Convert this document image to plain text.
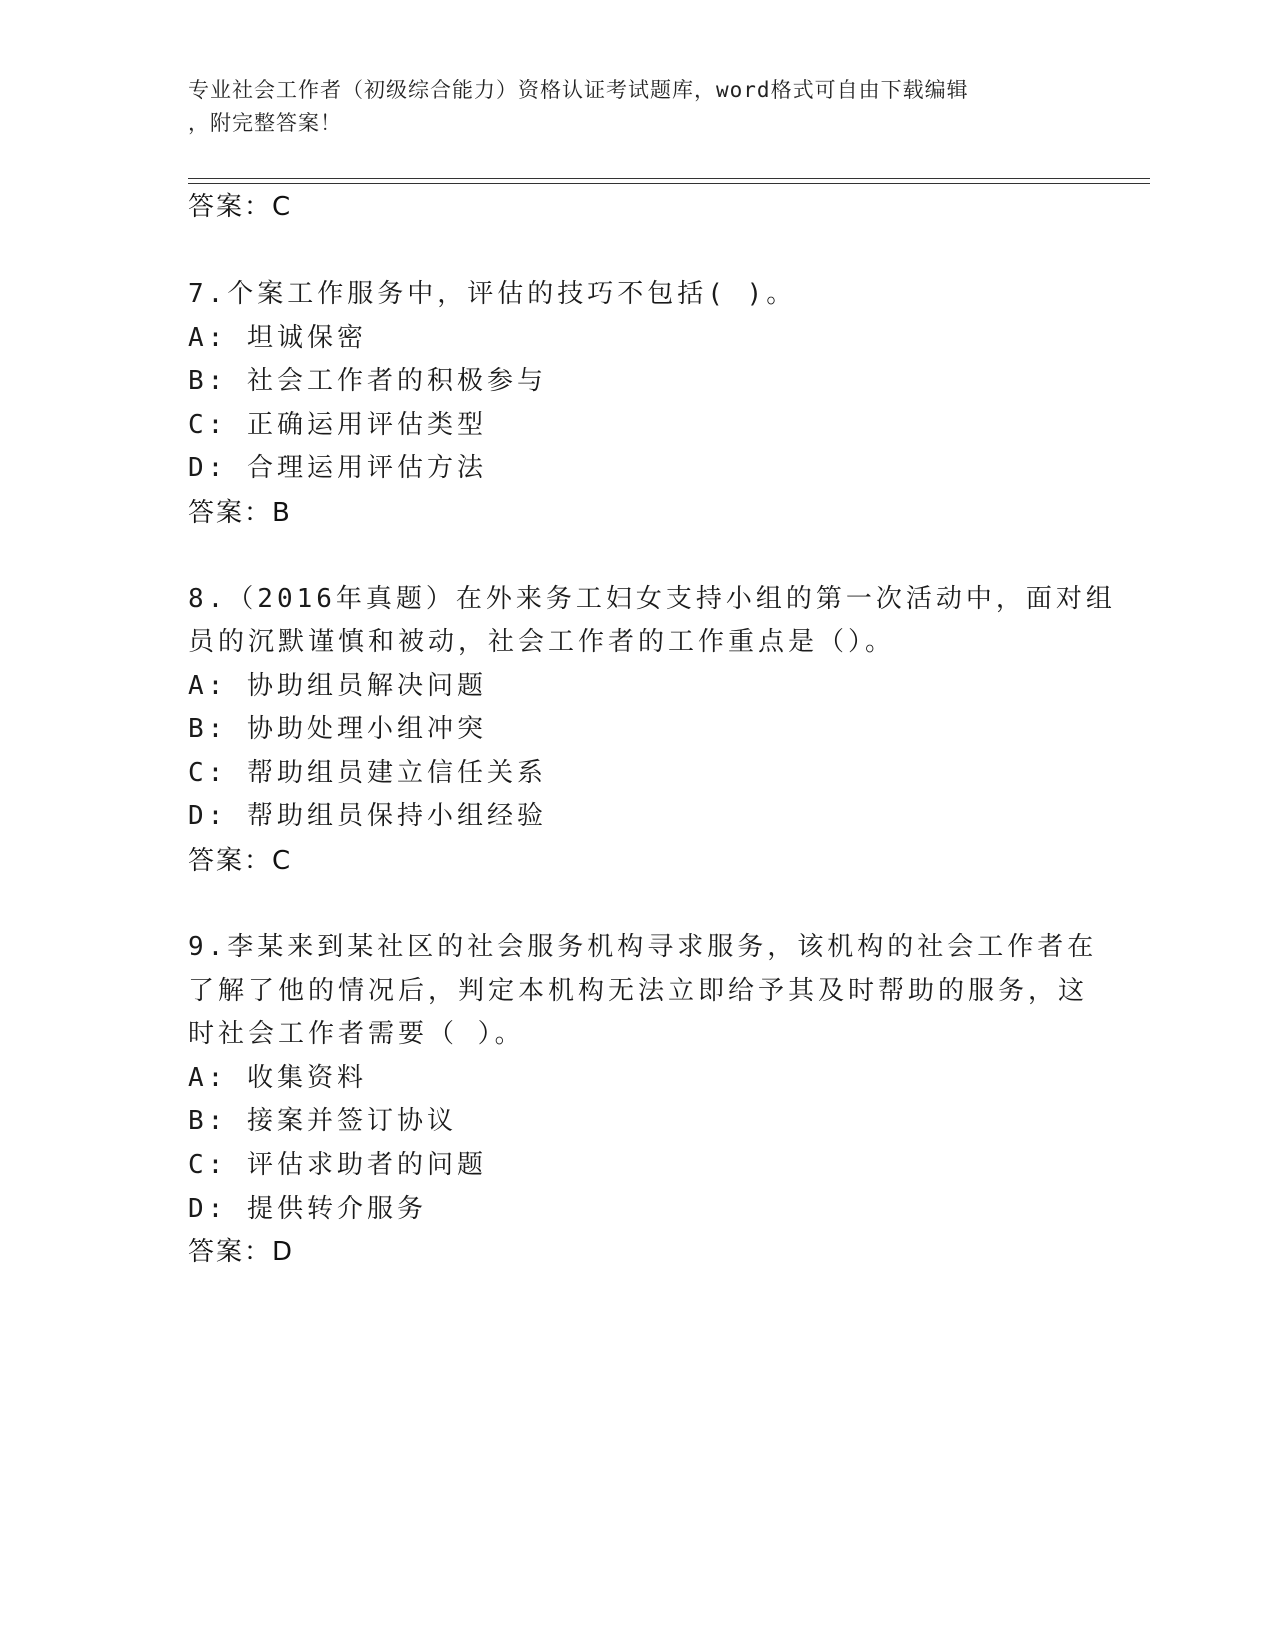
专业社会工作者（初级综合能力）资格认证考试题库，word格式可自由下载编辑
，附完整答案！
答案：C
7.个案工作服务中，评估的技巧不包括( )。
A: 坦诚保密
B: 社会工作者的积极参与
C: 正确运用评估类型
D: 合理运用评估方法
答案：B
8.（2016年真题）在外来务工妇女支持小组的第一次活动中，面对组
员的沉默谨慎和被动，社会工作者的工作重点是（）。
A: 协助组员解决问题
B: 协助处理小组冲突
C: 帮助组员建立信任关系
D: 帮助组员保持小组经验
答案：C
9.李某来到某社区的社会服务机构寻求服务，该机构的社会工作者在
了解了他的情况后，判定本机构无法立即给予其及时帮助的服务，这
时社会工作者需要（ ）。
A: 收集资料
B: 接案并签订协议
C: 评估求助者的问题
D: 提供转介服务
答案：D
